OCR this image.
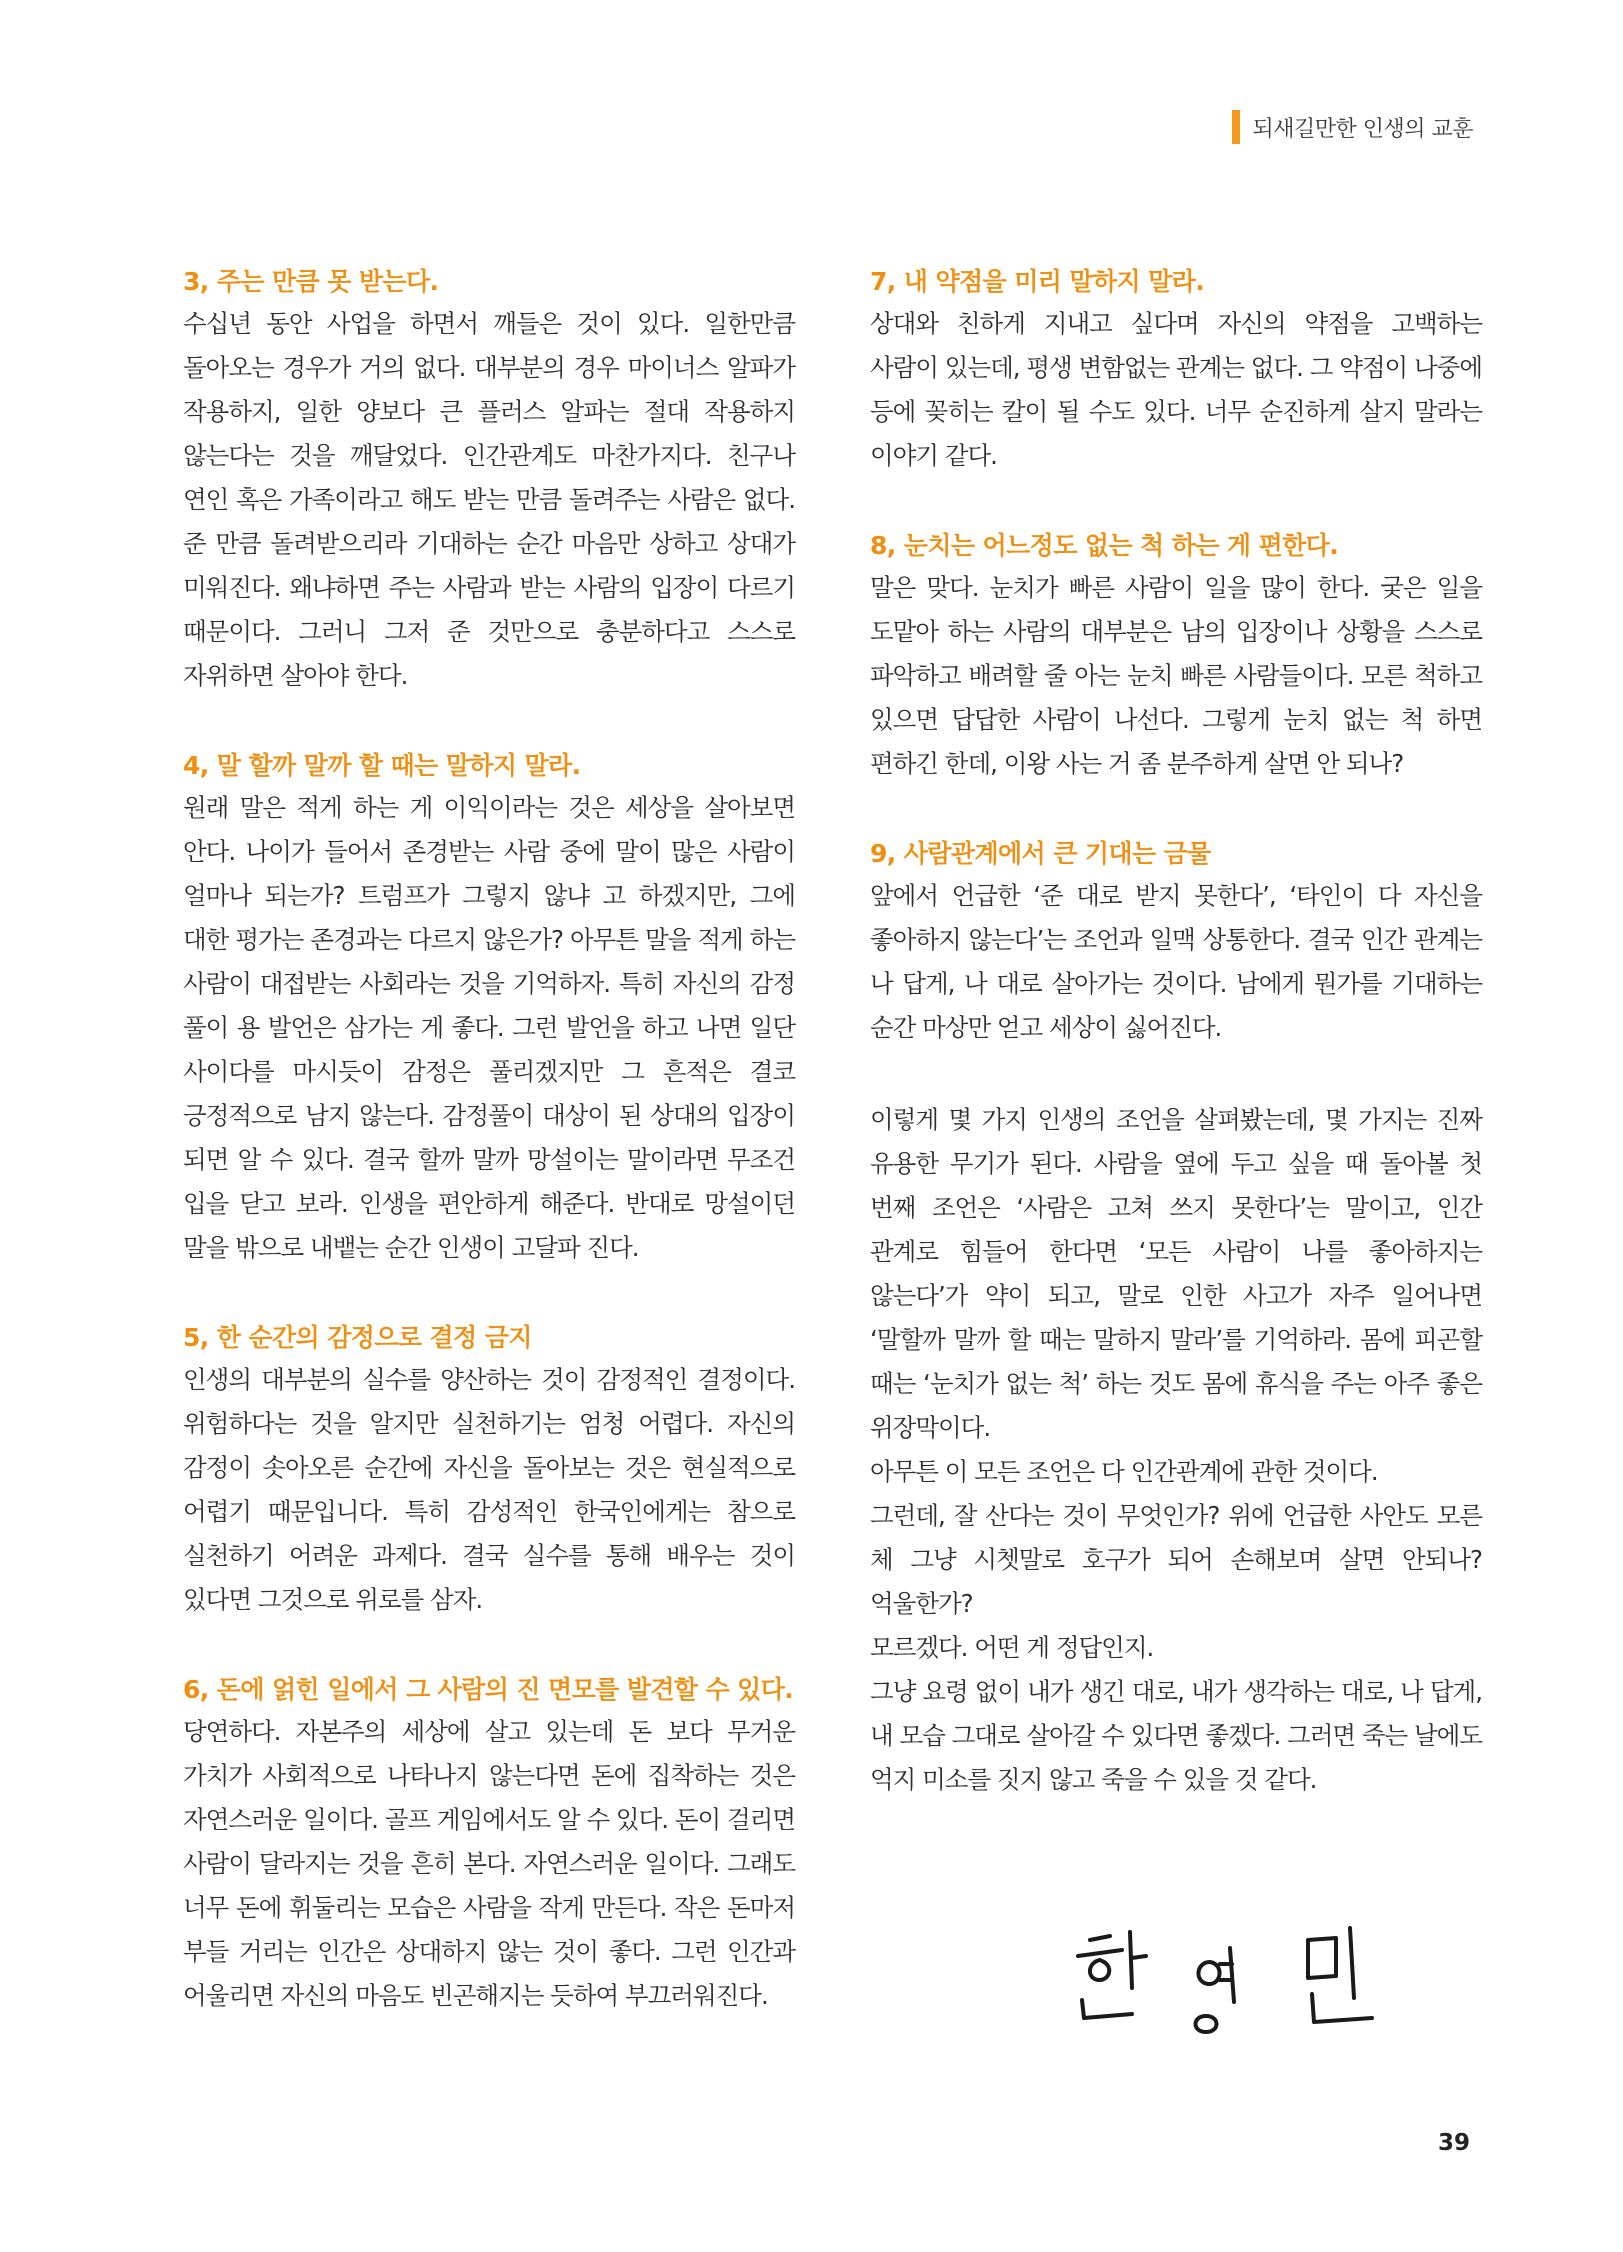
되새길만한 인생의 교훈
3, 주는 만큼 못 받는다.

수십년 동안 사업을 하면서 깨들은 것이 있다. 일한만큼 돌아오는 경우가 거의 없다. 대부분의 경우 마이너스 알파가 작용하지, 일한 양보다 큰 플러스 알파는 절대 작용하지 않는다는 것을 깨달었다. 인간관계도 마찬가지다. 친구나 연인 혹은 가족이라고 해도 받는 만큼 돌려주는 사람은 없다. 준 만큼 돌려받으리라 기대하는 순간 마음만 상하고 상대가 미워진다. 왜냐하면 주는 사람과 받는 사람의 입장이 다르기 때문이다. 그러니 그저 준 것만으로 충분하다고 스스로 자위하면 살아야 한다.

4, 말 할까 말까 할 때는 말하지 말라.

원래 말은 적게 하는 게 이익이라는 것은 세상을 살아보면 안다. 나이가 들어서 존경받는 사람 중에 말이 많은 사람이 얼마나 되는가? 트럼프가 그렇지 않냐 고 하겠지만, 그에 대한 평가는 존경과는 다르지 않은가? 아무튼 말을 적게 하는 사람이 대접받는 사회라는 것을 기억하자. 특히 자신의 감정 풀이 용 발언은 삼가는 게 좋다. 그런 발언을 하고 나면 일단 사이다를 마시듯이 감정은 풀리겠지만 그 흔적은 결코 긍정적으로 남지 않는다. 감정풀이 대상이 된 상대의 입장이 되면 알 수 있다. 결국 할까 말까 망설이는 말이라면 무조건 입을 닫고 보라. 인생을 편안하게 해준다. 반대로 망설이던 말을 밖으로 내뱉는 순간 인생이 고달파 진다.

5, 한 순간의 감정으로 결정 금지

인생의 대부분의 실수를 양산하는 것이 감정적인 결정이다. 위험하다는 것을 알지만 실천하기는 엄청 어렵다. 자신의 감정이 솟아오른 순간에 자신을 돌아보는 것은 현실적으로 어렵기 때문입니다. 특히 감성적인 한국인에게는 참으로 실천하기 어려운 과제다. 결국 실수를 통해 배우는 것이 있다면 그것으로 위로를 삼자.

6, 돈에 얽힌 일에서 그 사람의 진 면모를 발견할 수 있다.

당연하다. 자본주의 세상에 살고 있는데 돈 보다 무거운 가치가 사회적으로 나타나지 않는다면 돈에 집착하는 것은 자연스러운 일이다. 골프 게임에서도 알 수 있다. 돈이 걸리면 사람이 달라지는 것을 흔히 본다. 자연스러운 일이다. 그래도 너무 돈에 휘둘리는 모습은 사람을 작게 만든다. 작은 돈마저 부들 거리는 인간은 상대하지 않는 것이 좋다. 그런 인간과 어울리면 자신의 마음도 빈곤해지는 듯하여 부끄러워진다.

7, 내 약점을 미리 말하지 말라.

상대와 친하게 지내고 싶다며 자신의 약점을 고백하는 사람이 있는데, 평생 변함없는 관계는 없다. 그 약점이 나중에 등에 꽂히는 칼이 될 수도 있다. 너무 순진하게 살지 말라는 이야기 같다.

8, 눈치는 어느정도 없는 척 하는 게 편한다.

말은 맞다. 눈치가 빠른 사람이 일을 많이 한다. 궂은 일을 도맡아 하는 사람의 대부분은 남의 입장이나 상황을 스스로 파악하고 배려할 줄 아는 눈치 빠른 사람들이다. 모른 척하고 있으면 답답한 사람이 나선다. 그렇게 눈치 없는 척 하면 편하긴 한데, 이왕 사는 거 좀 분주하게 살면 안 되나?

9, 사람관계에서 큰 기대는 금물

앞에서 언급한 ‘준 대로 받지 못한다’, ‘타인이 다 자신을 좋아하지 않는다’는 조언과 일맥 상통한다. 결국 인간 관계는 나 답게, 나 대로 살아가는 것이다. 남에게 뭔가를 기대하는 순간 마상만 얻고 세상이 싫어진다.

이렇게 몇 가지 인생의 조언을 살펴봤는데, 몇 가지는 진짜 유용한 무기가 된다. 사람을 옆에 두고 싶을 때 돌아볼 첫 번째 조언은 ‘사람은 고쳐 쓰지 못한다’는 말이고, 인간 관계로 힘들어 한다면 ‘모든 사람이 나를 좋아하지는 않는다’가 약이 되고, 말로 인한 사고가 자주 일어나면 ‘말할까 말까 할 때는 말하지 말라’를 기억하라. 몸에 피곤할 때는 ‘눈치가 없는 척’ 하는 것도 몸에 휴식을 주는 아주 좋은 위장막이다.
아무튼 이 모든 조언은 다 인간관계에 관한 것이다.
그런데, 잘 산다는 것이 무엇인가? 위에 언급한 사안도 모른 체 그냥 시쳇말로 호구가 되어 손해보며 살면 안되나? 억울한가?
모르겠다. 어떤 게 정답인지.
그냥 요령 없이 내가 생긴 대로, 내가 생각하는 대로, 나 답게, 내 모습 그대로 살아갈 수 있다면 좋겠다. 그러면 죽는 날에도 억지 미소를 짓지 않고 죽을 수 있을 것 같다.
한 영 민
39
